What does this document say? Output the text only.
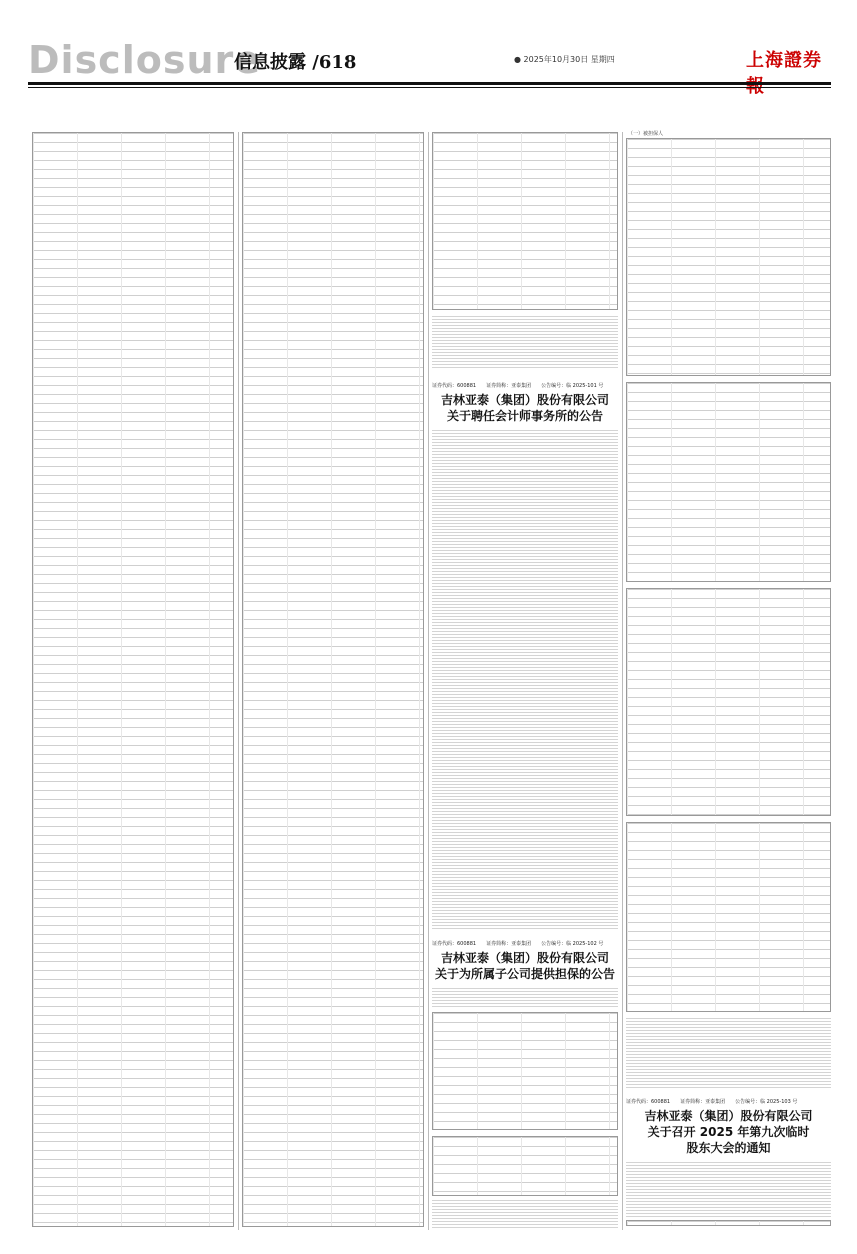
Disclosure
信息披露 /618	● 2025年10月30日 星期四	上海證券
证券代码：600881　　证券简称：亚泰集团　　公告编号：临 2025-101 号
吉林亚泰（集团）股份有限公司
关于聘任会计师事务所的公告
证券代码：600881　　证券简称：亚泰集团　　公告编号：临 2025-102 号
吉林亚泰（集团）股份有限公司
关于为所属子公司提供担保的公告
（一）被担保人
证券代码：600881　　证券简称：亚泰集团　　公告编号：临 2025-103 号
吉林亚泰（集团）股份有限公司
关于召开 2025 年第九次临时
股东大会的通知
